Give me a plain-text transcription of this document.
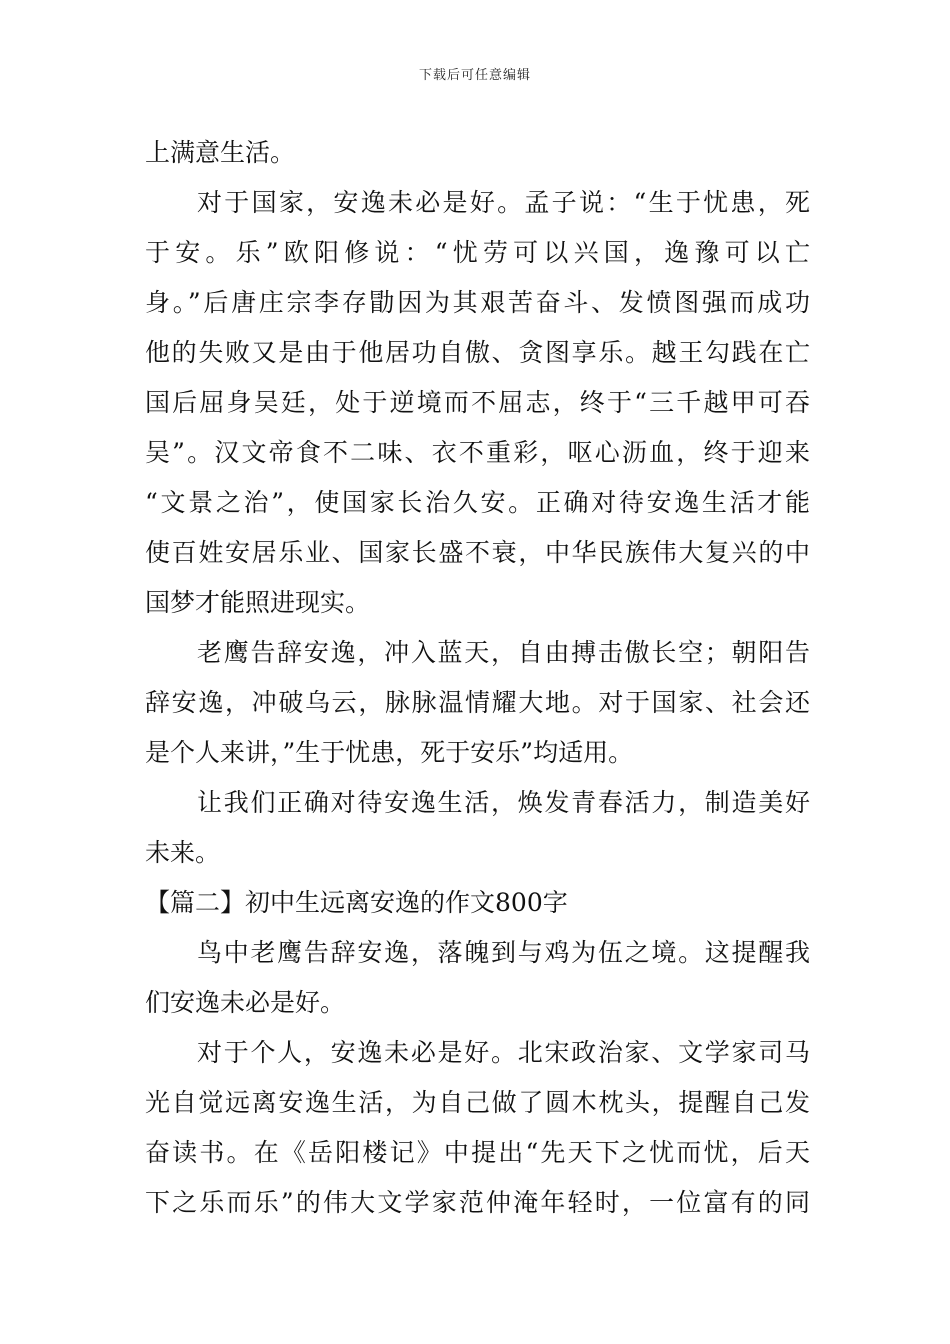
下载后可任意编辑
上满意生活。
对于国家，安逸未必是好。孟子说：“生于忧患，死
于安。乐”欧阳修说：“忧劳可以兴国，逸豫可以亡
身。”后唐庄宗李存勖因为其艰苦奋斗、发愤图强而成功
他的失败又是由于他居功自傲、贪图享乐。越王勾践在亡
国后屈身吴廷，处于逆境而不屈志，终于“三千越甲可吞
吴”。汉文帝食不二味、衣不重彩，呕心沥血，终于迎来
“文景之治”，使国家长治久安。正确对待安逸生活才能
使百姓安居乐业、国家长盛不衰，中华民族伟大复兴的中
国梦才能照进现实。
老鹰告辞安逸，冲入蓝天，自由搏击傲长空；朝阳告
辞安逸，冲破乌云，脉脉温情耀大地。对于国家、社会还
是个人来讲，”生于忧患，死于安乐”均适用。
让我们正确对待安逸生活，焕发青春活力，制造美好
未来。
【篇二】初中生远离安逸的作文800字
鸟中老鹰告辞安逸，落魄到与鸡为伍之境。这提醒我
们安逸未必是好。
对于个人，安逸未必是好。北宋政治家、文学家司马
光自觉远离安逸生活，为自己做了圆木枕头，提醒自己发
奋读书。在《岳阳楼记》中提出“先天下之忧而忧，后天
下之乐而乐”的伟大文学家范仲淹年轻时，一位富有的同
